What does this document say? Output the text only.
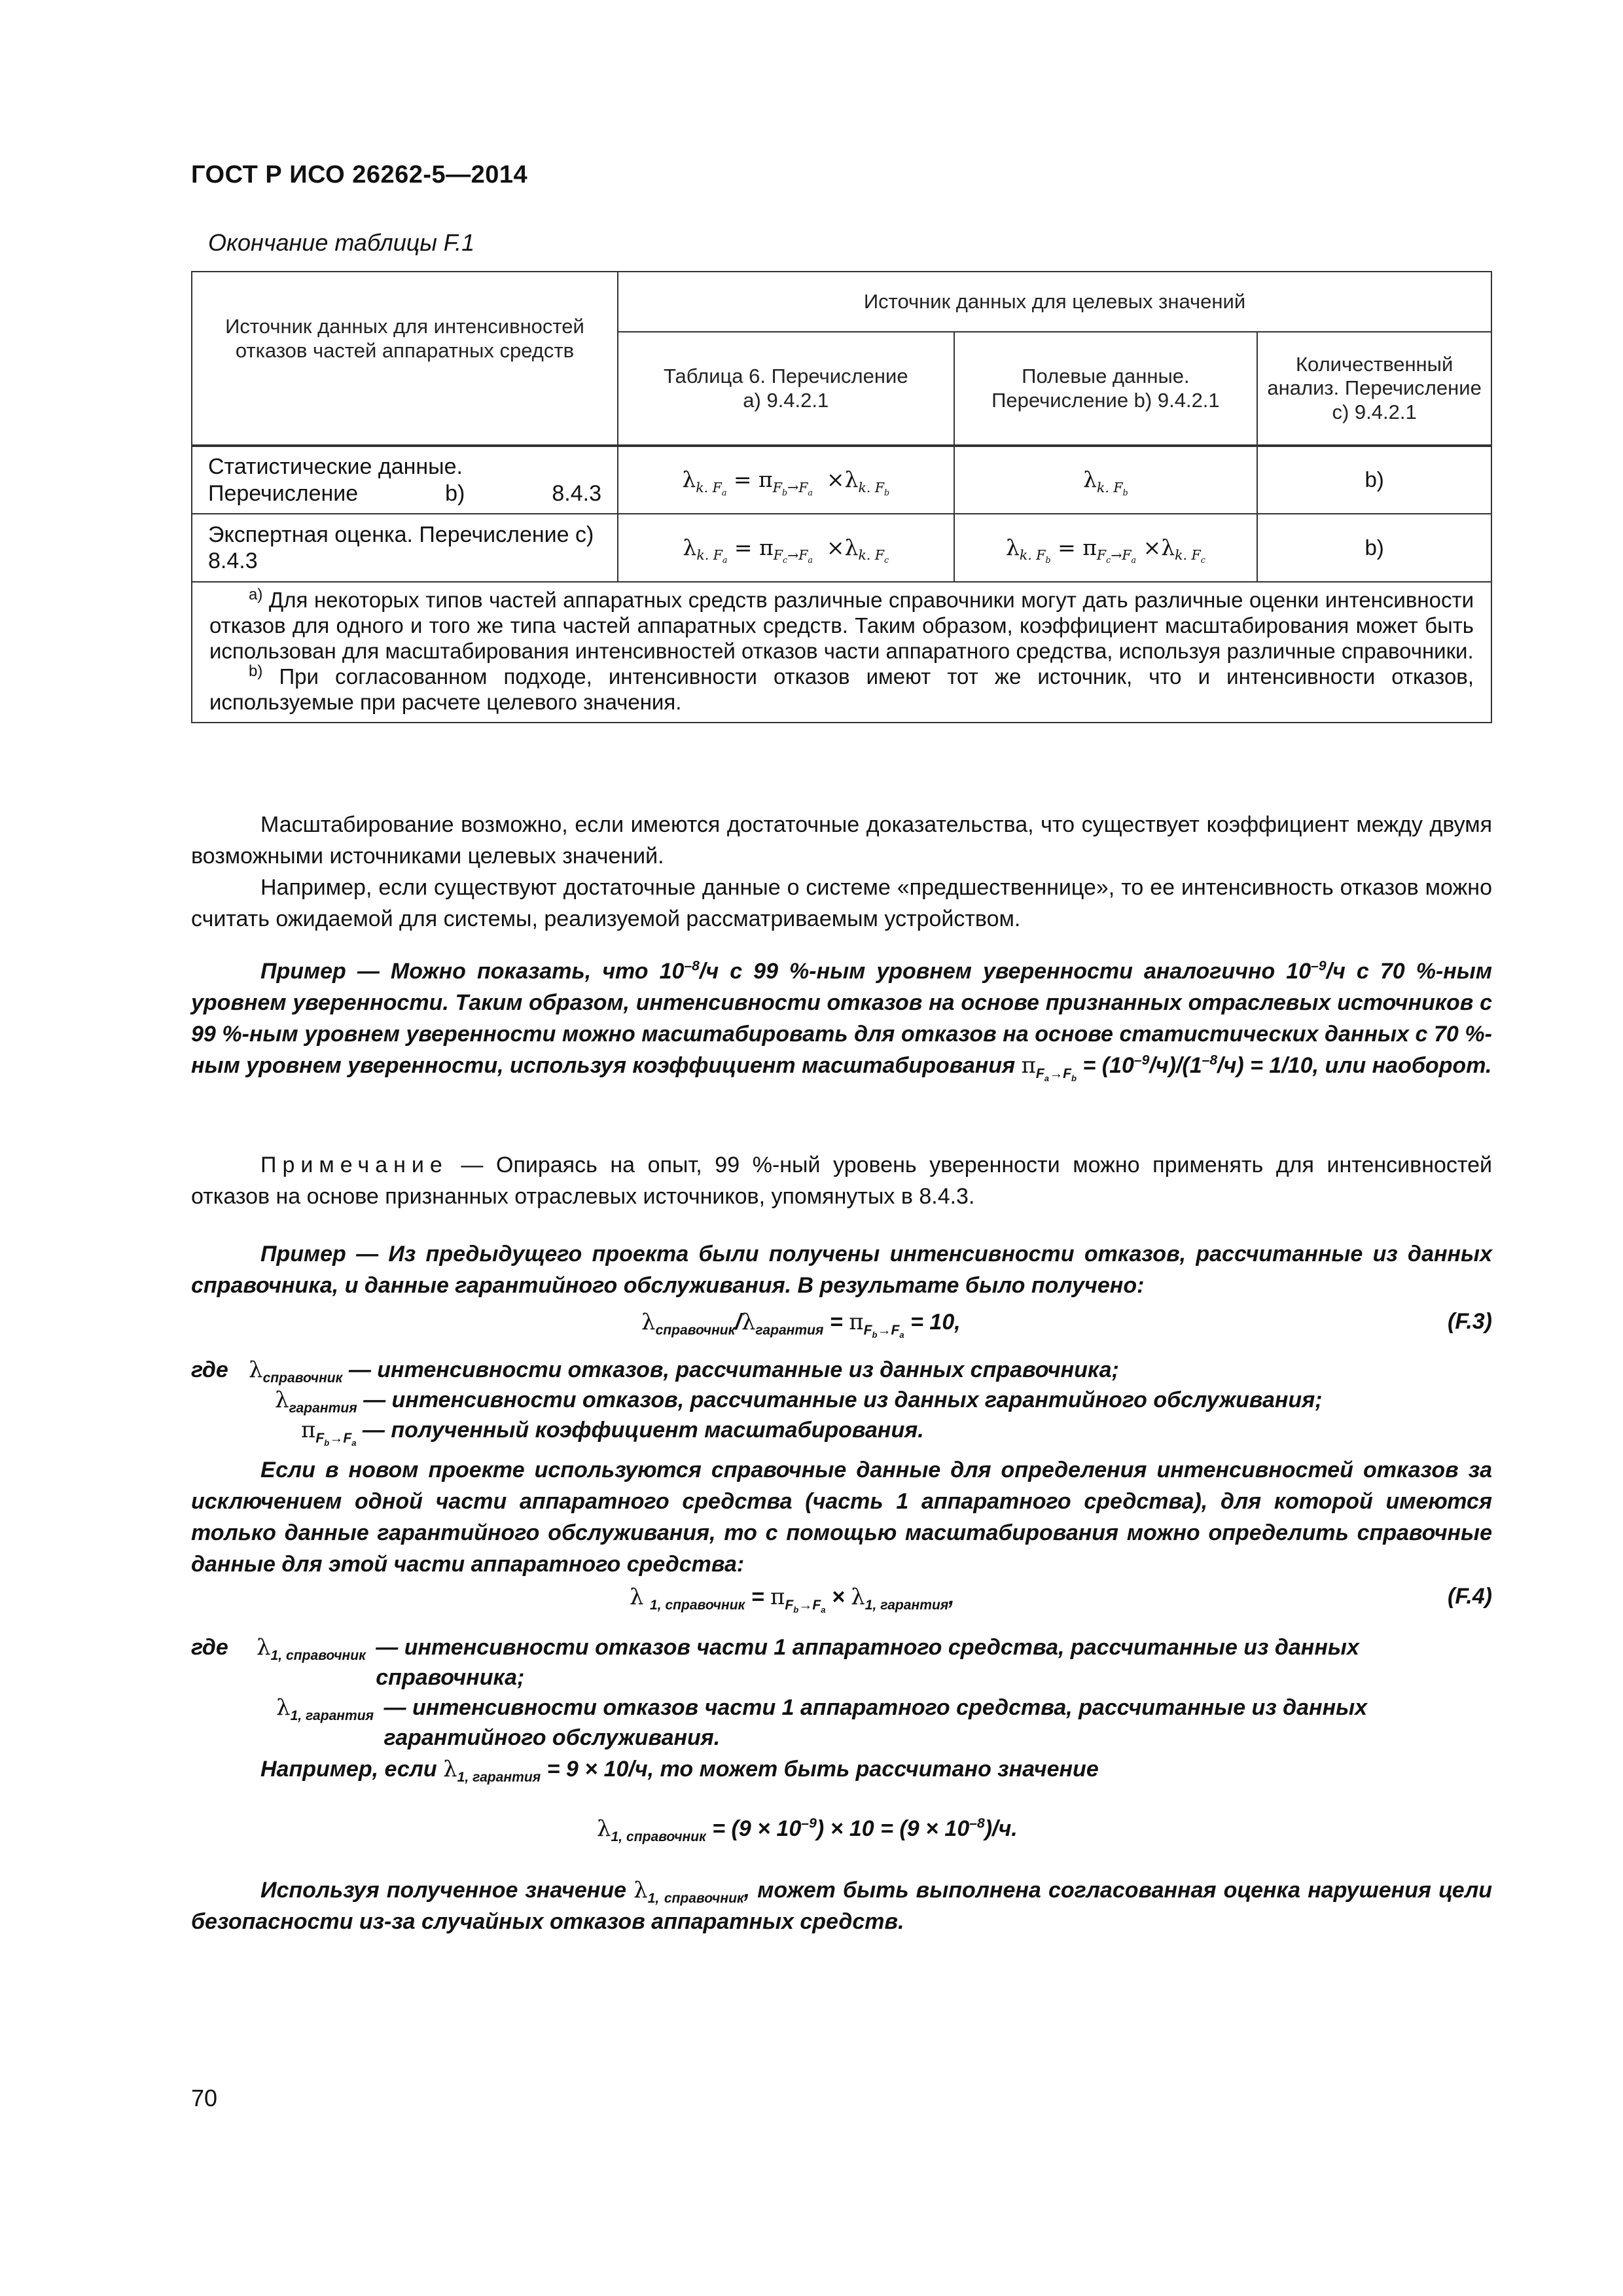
ГОСТ Р ИСО 26262-5—2014
Окончание таблицы F.1
Источник данных для интенсивностей отказов частей аппаратных средств	Источник данных для целевых значений		
	Таблица 6. Перечисление а) 9.4.2.1	Полевые данные. Перечисление b) 9.4.2.1	Количественный анализ. Перечисление с) 9.4.2.1
Статистические данные. Перечисление b) 8.4.3	$\lambda_{k. F_a} = \pi_{F_b\to F_a} \times\lambda_{k. F_b}$	$\lambda_{k. F_b}$	b)
Экспертная оценка. Перечисление с) 8.4.3	$\lambda_{k. F_a} = \pi_{F_c\to F_a} \times\lambda_{k. F_c}$	$\lambda_{k. F_b} = \pi_{F_c\to F_a} \times\lambda_{k. F_c}$	b)

$^{а)}$ Для некоторых типов частей аппаратных средств различные справочники могут дать различные оценки интенсивности отказов для одного и того же типа частей аппаратных средств. Таким образом, коэффициент масштабирования может быть использован для масштабирования интенсивностей отказов части аппаратного средства, используя различные справочники.

$^{b)}$ При согласованном подходе, интенсивности отказов имеют тот же источник, что и интенсивности отказов, используемые при расчете целевого значения.			

Масштабирование возможно, если имеются достаточные доказательства, что существует коэффициент между двумя возможными источниками целевых значений.
Например, если существуют достаточные данные о системе «предшественнице», то ее интенсивность отказов можно считать ожидаемой для системы, реализуемой рассматриваемым устройством.
Пример — Можно показать, что $10^{-8}/ч$ с 99 %-ным уровнем уверенности аналогично $10^{-9}/ч$ с 70 %-ным уровнем уверенности. Таким образом, интенсивности отказов на основе признанных отраслевых источников с 99 %-ным уровнем уверенности можно масштабировать для отказов на основе статистических данных с 70 %-ным уровнем уверенности, используя коэффициент масштабирования $\pi_{F_a\to F_b} = (10^{-9}/ч)/(1^{-8}/ч) = 1/10$, или наоборот.
Примечание — Опираясь на опыт, 99 %-ный уровень уверенности можно применять для интенсивностей отказов на основе признанных отраслевых источников, упомянутых в 8.4.3.
Пример — Из предыдущего проекта были получены интенсивности отказов, рассчитанные из данных справочника, и данные гарантийного обслуживания. В результате было получено:
$\lambda_{справочник}/\lambda_{гарантия} = \pi_{F_b\to F_a} = 10$,	(F.3)
где $\lambda_{справочник}$ — интенсивности отказов, рассчитанные из данных справочника;
$\lambda_{гарантия}$ — интенсивности отказов, рассчитанные из данных гарантийного обслуживания;
$\pi_{F_b\to F_a}$ — полученный коэффициент масштабирования.
Если в новом проекте используются справочные данные для определения интенсивностей отказов за исключением одной части аппаратного средства (часть 1 аппаратного средства), для которой имеются только данные гарантийного обслуживания, то с помощью масштабирования можно определить справочные данные для этой части аппаратного средства:
λ $_{1, справочник} = \pi_{F_b\to F_a} \times \lambda_{1, гарантия}$,	(F.4)
где $\lambda_{1, справочник}$ — интенсивности отказов части 1 аппаратного средства, рассчитанные из данных справочника;
$\lambda_{1, гарантия}$ — интенсивности отказов части 1 аппаратного средства, рассчитанные из данных гарантийного обслуживания.
Например, если $\lambda_{1, гарантия} = 9 \times 10/ч$, то может быть рассчитано значение
$\lambda_{1, справочник} = (9 \times 10^{-9}) \times 10 = (9 \times 10^{-8})/ч$.
Используя полученное значение $\lambda_{1, справочник}$, может быть выполнена согласованная оценка нарушения цели безопасности из-за случайных отказов аппаратных средств.
70
